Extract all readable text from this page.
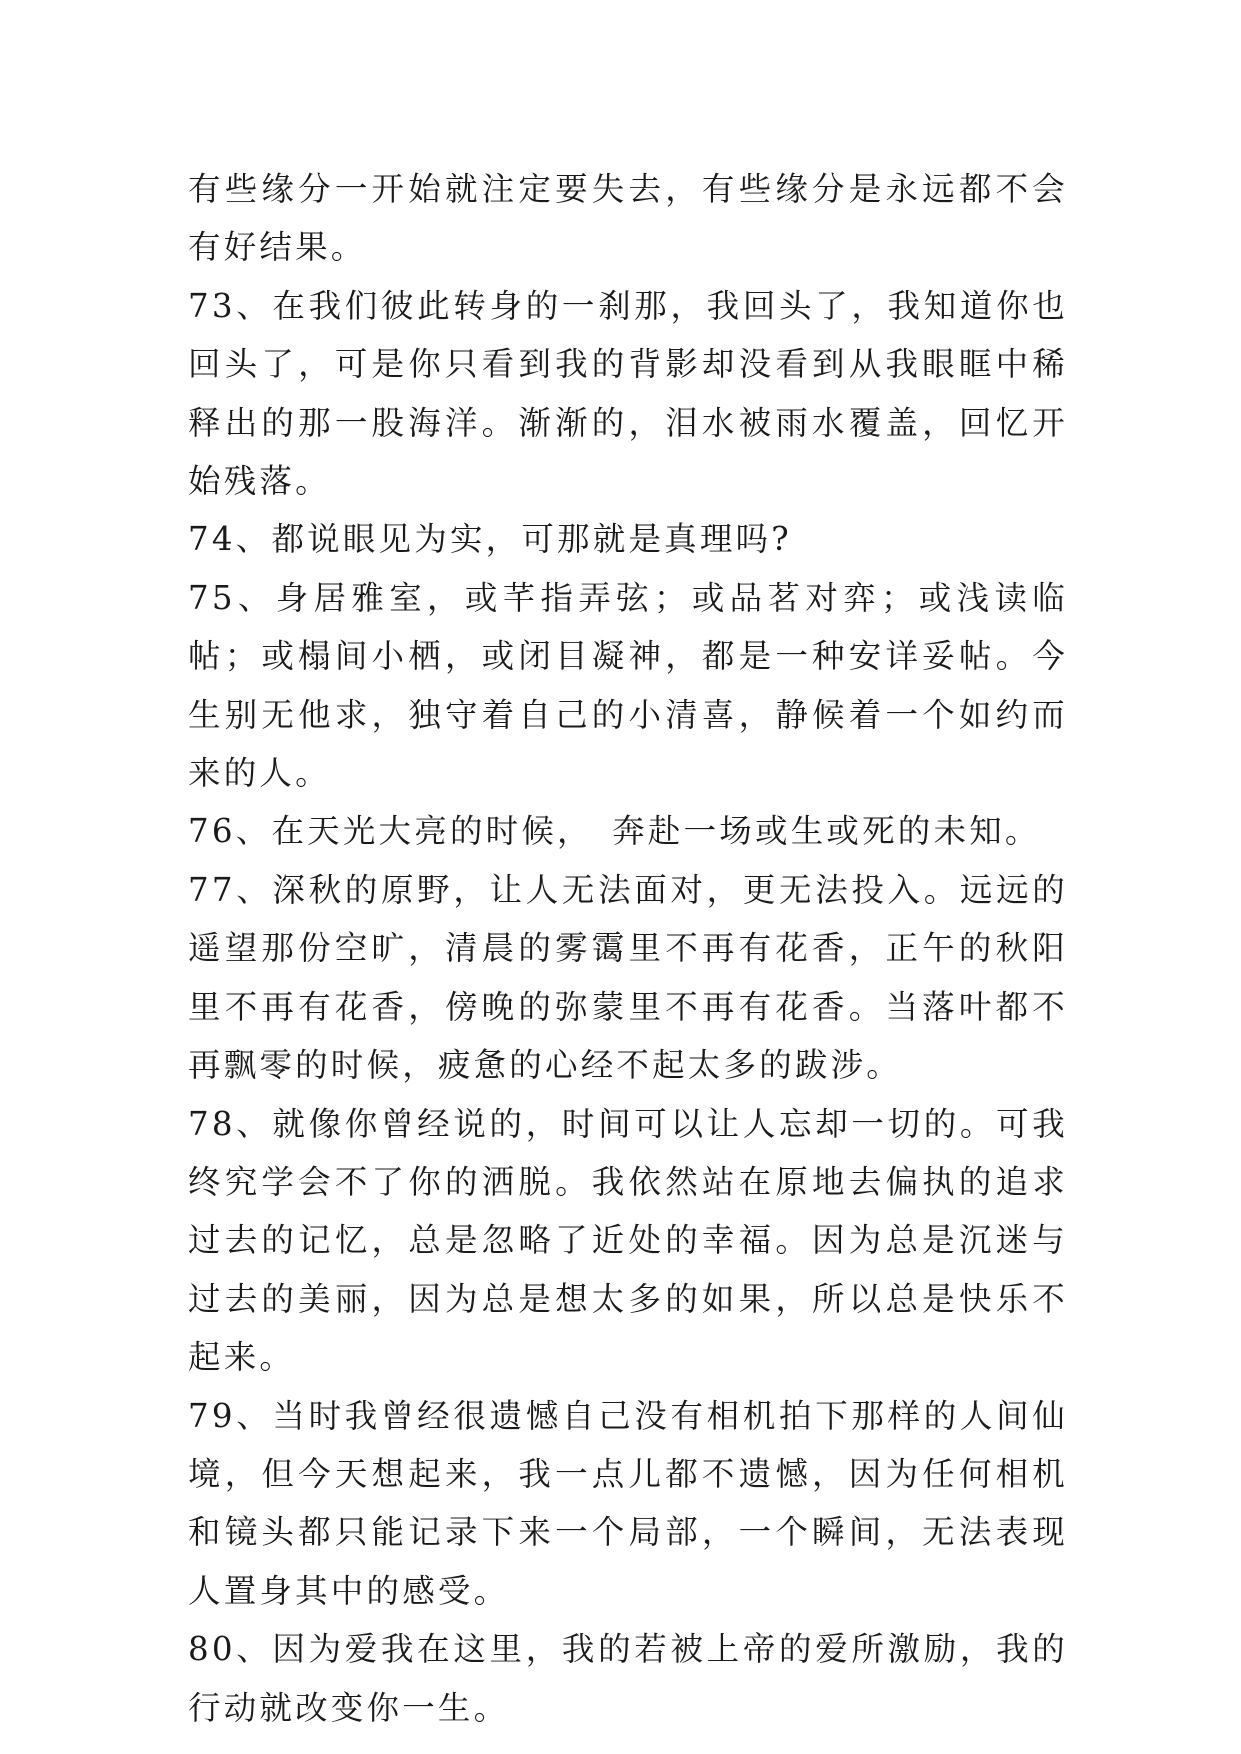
有些缘分一开始就注定要失去，有些缘分是永远都不会有好结果。

73、在我们彼此转身的一刹那，我回头了，我知道你也回头了，可是你只看到我的背影却没看到从我眼眶中稀释出的那一股海洋。渐渐的，泪水被雨水覆盖，回忆开始残落。

74、都说眼见为实，可那就是真理吗?

75、身居雅室，或芊指弄弦；或品茗对弈；或浅读临帖；或榻间小栖，或闭目凝神，都是一种安详妥帖。今生别无他求，独守着自己的小清喜，静候着一个如约而来的人。

76、在天光大亮的时候，　奔赴一场或生或死的未知。

77、深秋的原野，让人无法面对，更无法投入。远远的遥望那份空旷，清晨的雾霭里不再有花香，正午的秋阳里不再有花香，傍晚的弥蒙里不再有花香。当落叶都不再飘零的时候，疲惫的心经不起太多的跋涉。

78、就像你曾经说的，时间可以让人忘却一切的。可我终究学会不了你的洒脱。我依然站在原地去偏执的追求过去的记忆，总是忽略了近处的幸福。因为总是沉迷与过去的美丽，因为总是想太多的如果，所以总是快乐不起来。

79、当时我曾经很遗憾自己没有相机拍下那样的人间仙境，但今天想起来，我一点儿都不遗憾，因为任何相机和镜头都只能记录下来一个局部，一个瞬间，无法表现人置身其中的感受。

80、因为爱我在这里，我的若被上帝的爱所激励，我的行动就改变你一生。
